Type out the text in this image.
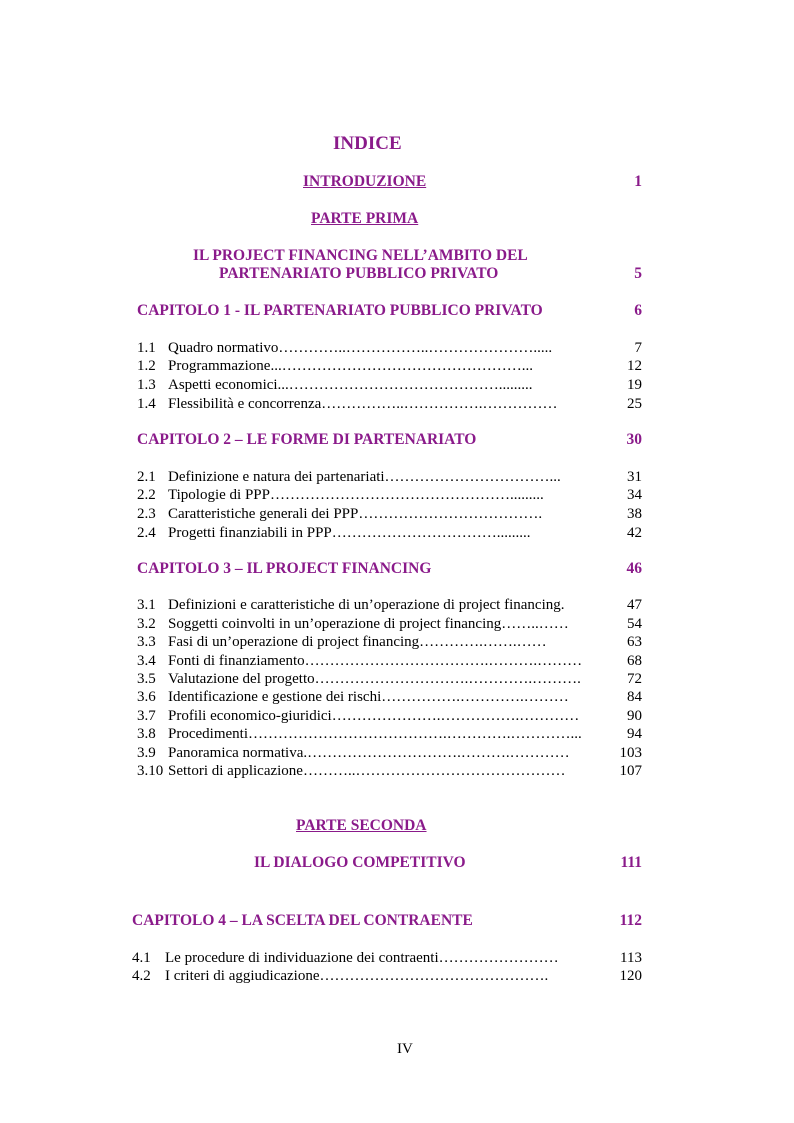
INDICE
INTRODUZIONE	1
PARTE PRIMA
IL PROJECT FINANCING NELL’AMBITO DEL
PARTENARIATO PUBBLICO PRIVATO	5
CAPITOLO 1 - IL PARTENARIATO PUBBLICO PRIVATO	6
1.1 Quadro normativo…………..……………..………………….....	7
1.2 Programmazione...…………………………………………...	12
1.3 Aspetti economici...…………………………………….........	19
1.4 Flessibilità e concorrenza……………..…………….……………	25
CAPITOLO 2 – LE FORME DI PARTENARIATO	30
2.1 Definizione e natura dei partenariati……………………………...	31
2.2 Tipologie di PPP………………………………………….........	34
2.3 Caratteristiche generali dei PPP……………………………….	38
2.4 Progetti finanziabili in PPP…………………………….........	42
CAPITOLO 3 – IL PROJECT FINANCING	46
3.1 Definizioni e caratteristiche di un’operazione di project financing.	47
3.2 Soggetti coinvolti in un’operazione di project financing……..……	54
3.3 Fasi di un’operazione di project financing………….…….……	63
3.4 Fonti di finanziamento……………………………….……….………	68
3.5 Valutazione del progetto………………………….………….……….	72
3.6 Identificazione e gestione dei rischi…………….………….………	84
3.7 Profili economico-giuridici………………….…………….…………	90
3.8 Procedimenti………………………………….………….…………...	94
3.9 Panoramica normativa.………………………….……….…………	103
3.10 Settori di applicazione………..……………………………………	107
PARTE SECONDA
IL DIALOGO COMPETITIVO	111
CAPITOLO 4 – LA SCELTA DEL CONTRAENTE	112
4.1 Le procedure di individuazione dei contraenti……………………	113
4.2 I criteri di aggiudicazione……………………………………….	120
IV
